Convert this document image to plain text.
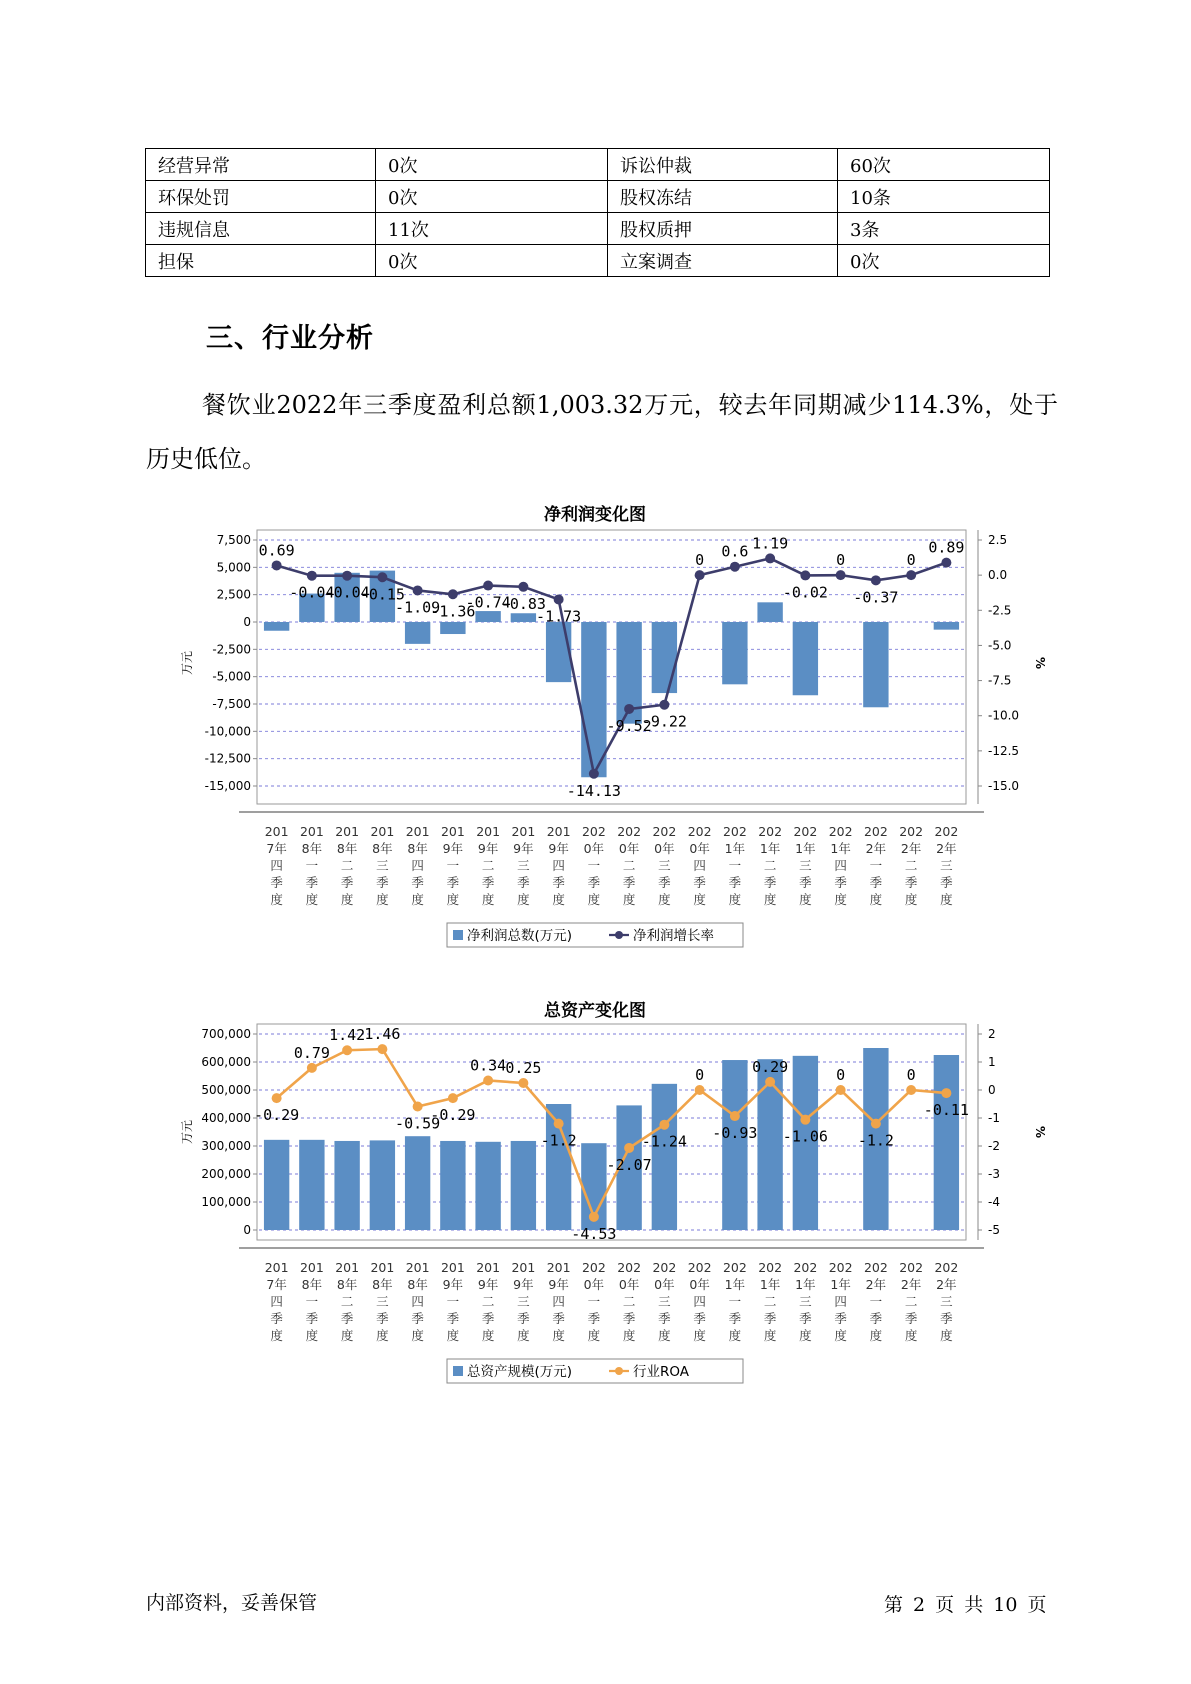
经营异常	0次	诉讼仲裁	60次
环保处罚	0次	股权冻结	10条
违规信息	11次	股权质押	3条
担保	0次	立案调查	0次
三、行业分析

餐饮业2022年三季度盈利总额1,003.32万元，较去年同期减少114.3%，处于历史低位。

净利润变化图
7,500
5,000
2,500
0
-2,500
-5,000
-7,500
-10,000
-12,500
-15,000
2.5
0.0
-2.5
-5.0
-7.5
-10.0
-12.5
-15.0
万元	%
0.69
-0.04
-0.04
-0.15
-1.09
-1.36
-0.74
-0.83
-1.73
-14.13
-9.52
-9.22
0 0.6 1.19
-0.02
0
-0.37
0
0.89
201 7年四季度
201 8年一季度
201 8年二季度
201 8年三季度
201 8年四季度
201 9年一季度
201 9年二季度
201 9年三季度
201 9年四季度
202 0年一季度
202 0年二季度
202 0年三季度
202 0年四季度
202 1年一季度
202 1年二季度
202 1年三季度
202 1年四季度
202 2年一季度
202 2年二季度
202 2年三季度
净利润总数(万元)	净利润增长率
总资产变化图
700,000
600,000
500,000
400,000
300,000
200,000
100,000
0
2
1
0
-1
-2
-3
-4
-5
万元	%
-0.29
0.79
1.42 1.46
-0.59
-0.29
0.34 0.25
-1.2
-4.53
-2.07
-1.24
0
-0.93
0.29
-1.06
0
-1.2
0
-0.11
201 7年四季度
201 8年一季度
201 8年二季度
201 8年三季度
201 8年四季度
201 9年一季度
201 9年二季度
201 9年三季度
201 9年四季度
202 0年一季度
202 0年二季度
202 0年三季度
202 0年四季度
202 1年一季度
202 1年二季度
202 1年三季度
202 1年四季度
202 2年一季度
202 2年二季度
202 2年三季度
总资产规模(万元)	行业ROA
内部资料，妥善保管	第 2 页 共 10 页
